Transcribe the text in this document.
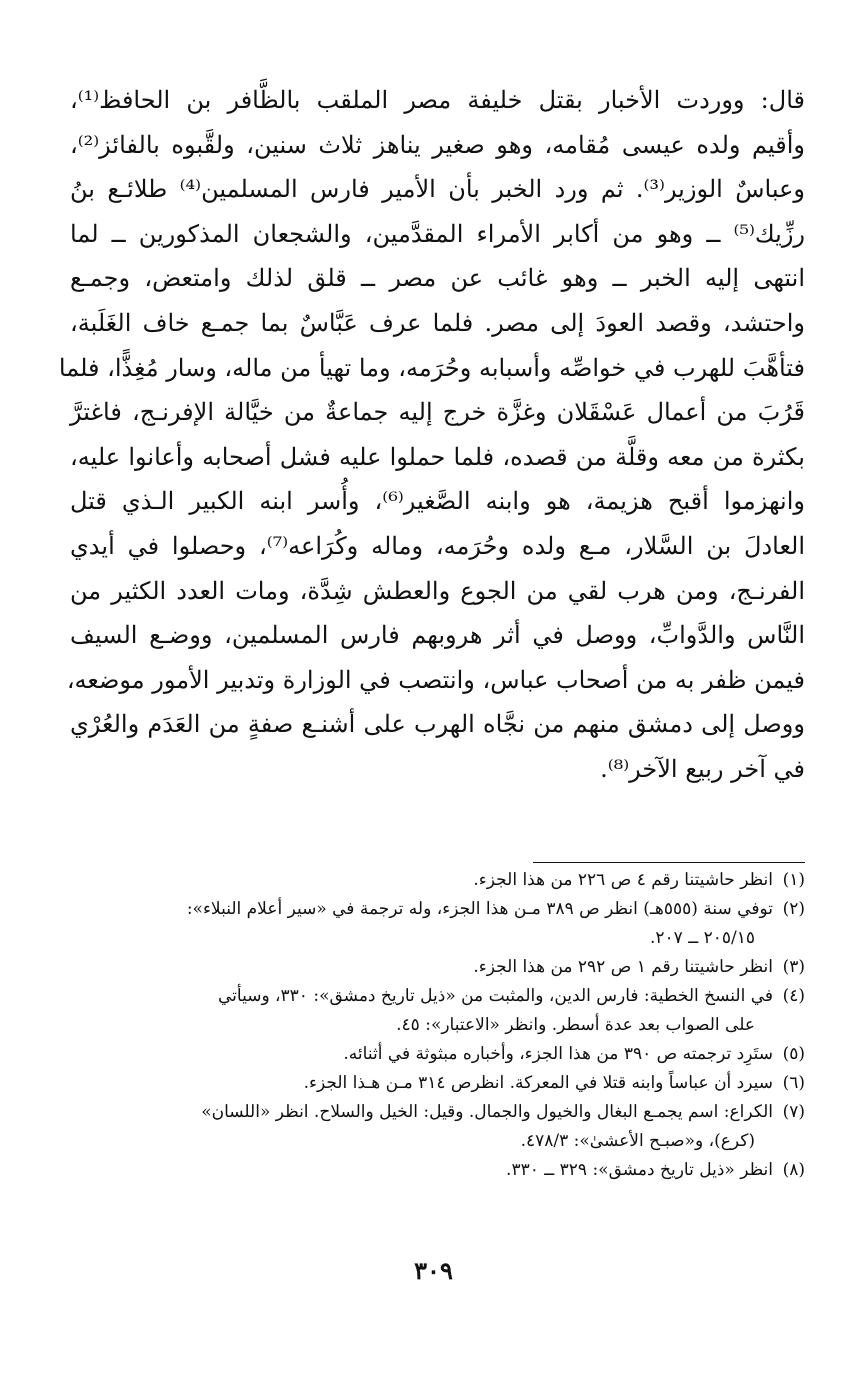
قال: ووردت الأخبار بقتل خليفة مصر الملقب بالظَّافر بن الحافظ⁽¹⁾،
وأقيم ولده عيسى مُقامه، وهو صغير يناهز ثلاث سنين، ولقَّبوه بالفائز⁽²⁾،
وعباسٌ الوزير⁽³⁾. ثم ورد الخبر بأن الأمير فارس المسلمين⁽⁴⁾ طلائـع بنُ
رزِّيك⁽⁵⁾ ــ وهو من أكابر الأمراء المقدَّمين، والشجعان المذكورين ــ لما
انتهى إليه الخبر ــ وهو غائب عن مصر ــ قلق لذلك وامتعض، وجمـع
واحتشد، وقصد العودَ إلى مصر. فلما عرف عَبَّاسٌ بما جمـع خاف الغَلَبة،
فتأهَّبَ للهرب في خواصِّه وأسبابه وحُرَمه، وما تهيأ من ماله، وسار مُغِذًّا، فلما
قَرُبَ من أعمال عَسْقَلان وغزَّة خرج إليه جماعةٌ من خيَّالة الإفرنـج، فاغترَّ
بكثرة من معه وقلَّة من قصده، فلما حملوا عليه فشل أصحابه وأعانوا عليه،
وانهزموا أقبح هزيمة، هو وابنه الصَّغير⁽⁶⁾، وأُسر ابنه الكبير الـذي قتل
العادلَ بن السَّلار، مـع ولده وحُرَمه، وماله وكُرَاعه⁽⁷⁾، وحصلوا في أيدي
الفرنـج، ومن هرب لقي من الجوع والعطش شِدَّة، ومات العدد الكثير من
النَّاس والدَّوابِّ، ووصل في أثر هروبهم فارس المسلمين، ووضـع السيف
فيمن ظفر به من أصحاب عباس، وانتصب في الوزارة وتدبير الأمور موضعه،
ووصل إلى دمشق منهم من نجَّاه الهرب على أشنـع صفةٍ من العَدَم والعُرْي
في آخر ربيع الآخر⁽⁸⁾.
(١)
انظر حاشيتنا رقم ٤ ص ٢٢٦ من هذا الجزء.
(٢)
توفي سنة (٥٥٥هـ) انظر ص ٣٨٩ مـن هذا الجزء، وله ترجمة في «سير أعلام النبلاء»:
٢٠٥/١٥ ــ ٢٠٧.
(٣)
انظر حاشيتنا رقم ١ ص ٢٩٢ من هذا الجزء.
(٤)
في النسخ الخطية: فارس الدين، والمثبت من «ذيل تاريخ دمشق»: ٣٣٠، وسيأتي
على الصواب بعد عدة أسطر. وانظر «الاعتبار»: ٤٥.
(٥)
ستَرِد ترجمته ص ٣٩٠ من هذا الجزء، وأخباره مبثوثة في أثنائه.
(٦)
سيرد أن عباساً وابنه قتلا في المعركة. انظرص ٣١٤ مـن هـذا الجزء.
(٧)
الكراع: اسم يجمـع البغال والخيول والجمال. وقيل: الخيل والسلاح. انظر «اللسان»
(كرع)، و«صبـح الأعشىٰ»: ٤٧٨/٣.
(٨)
انظر «ذيل تاريخ دمشق»: ٣٢٩ ــ ٣٣٠.
٣٠٩
